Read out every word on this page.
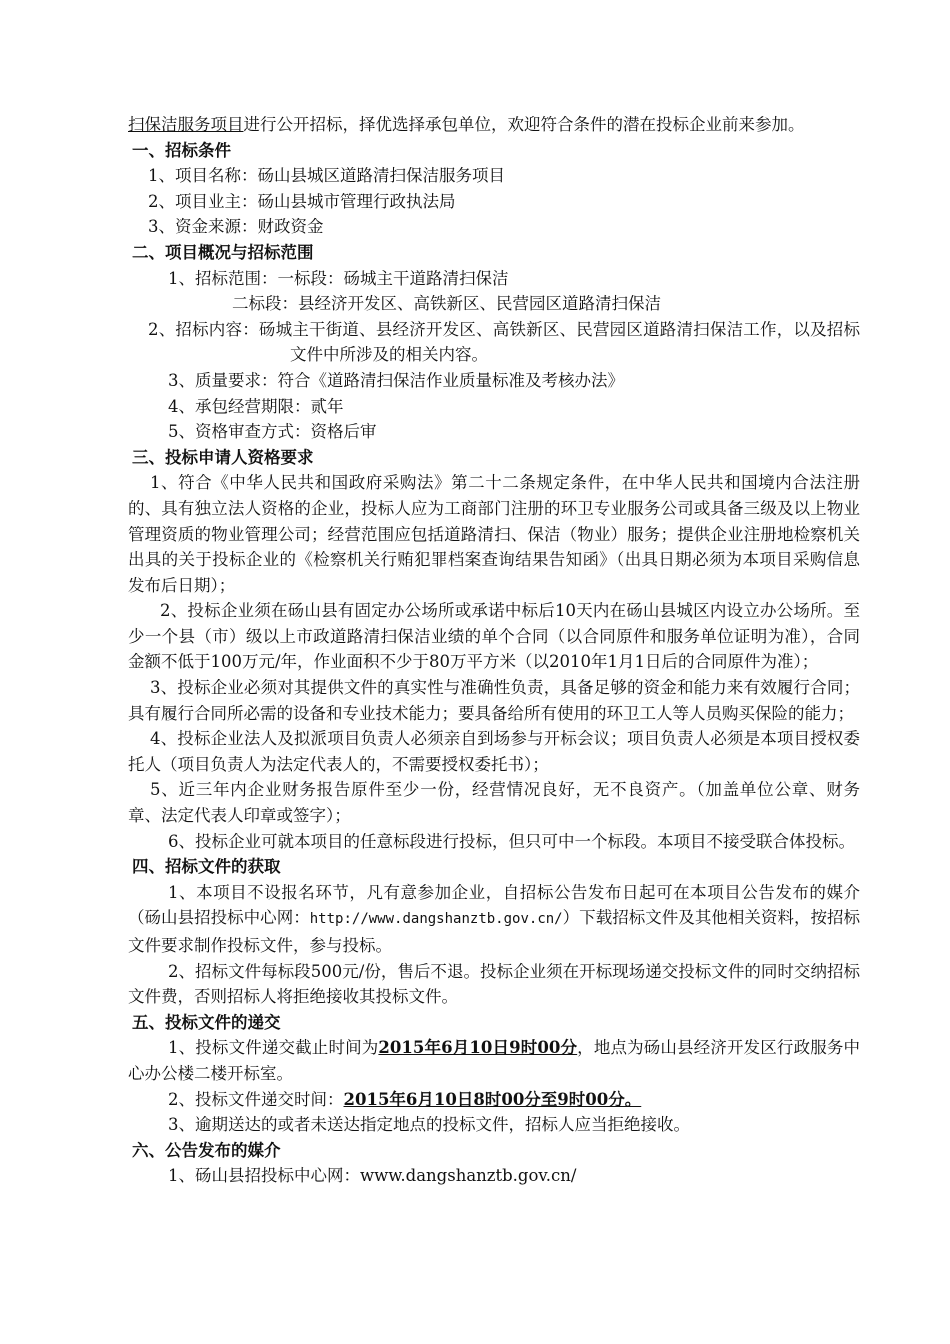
扫保洁服务项目进行公开招标，择优选择承包单位，欢迎符合条件的潜在投标企业前来参加。

一、招标条件

1、项目名称：砀山县城区道路清扫保洁服务项目

2、项目业主：砀山县城市管理行政执法局

3、资金来源：财政资金

二、项目概况与招标范围

1、招标范围：一标段：砀城主干道路清扫保洁

二标段：县经济开发区、高铁新区、民营园区道路清扫保洁

2、招标内容：砀城主干街道、县经济开发区、高铁新区、民营园区道路清扫保洁工作，以及招标文件中所涉及的相关内容。

3、质量要求：符合《道路清扫保洁作业质量标准及考核办法》

4、承包经营期限：贰年

5、资格审查方式：资格后审

三、投标申请人资格要求

1、符合《中华人民共和国政府采购法》第二十二条规定条件，在中华人民共和国境内合法注册的、具有独立法人资格的企业，投标人应为工商部门注册的环卫专业服务公司或具备三级及以上物业管理资质的物业管理公司；经营范围应包括道路清扫、保洁（物业）服务；提供企业注册地检察机关出具的关于投标企业的《检察机关行贿犯罪档案查询结果告知函》（出具日期必须为本项目采购信息发布后日期）；

2、投标企业须在砀山县有固定办公场所或承诺中标后10天内在砀山县城区内设立办公场所。至少一个县（市）级以上市政道路清扫保洁业绩的单个合同（以合同原件和服务单位证明为准），合同金额不低于100万元/年，作业面积不少于80万平方米（以2010年1月1日后的合同原件为准）；

3、投标企业必须对其提供文件的真实性与准确性负责，具备足够的资金和能力来有效履行合同；具有履行合同所必需的设备和专业技术能力；要具备给所有使用的环卫工人等人员购买保险的能力；

4、投标企业法人及拟派项目负责人必须亲自到场参与开标会议；项目负责人必须是本项目授权委托人（项目负责人为法定代表人的，不需要授权委托书）；

5、近三年内企业财务报告原件至少一份，经营情况良好，无不良资产。（加盖单位公章、财务章、法定代表人印章或签字）；

6、投标企业可就本项目的任意标段进行投标，但只可中一个标段。本项目不接受联合体投标。

四、招标文件的获取

1、本项目不设报名环节，凡有意参加企业，自招标公告发布日起可在本项目公告发布的媒介（砀山县招投标中心网：http://www.dangshanztb.gov.cn/）下载招标文件及其他相关资料，按招标文件要求制作投标文件，参与投标。

2、招标文件每标段500元/份，售后不退。投标企业须在开标现场递交投标文件的同时交纳招标文件费，否则招标人将拒绝接收其投标文件。

五、投标文件的递交

1、投标文件递交截止时间为2015年6月10日9时00分，地点为砀山县经济开发区行政服务中心办公楼二楼开标室。

2、投标文件递交时间：2015年6月10日8时00分至9时00分。

3、逾期送达的或者未送达指定地点的投标文件，招标人应当拒绝接收。

六、公告发布的媒介

1、砀山县招投标中心网：www.dangshanztb.gov.cn/
